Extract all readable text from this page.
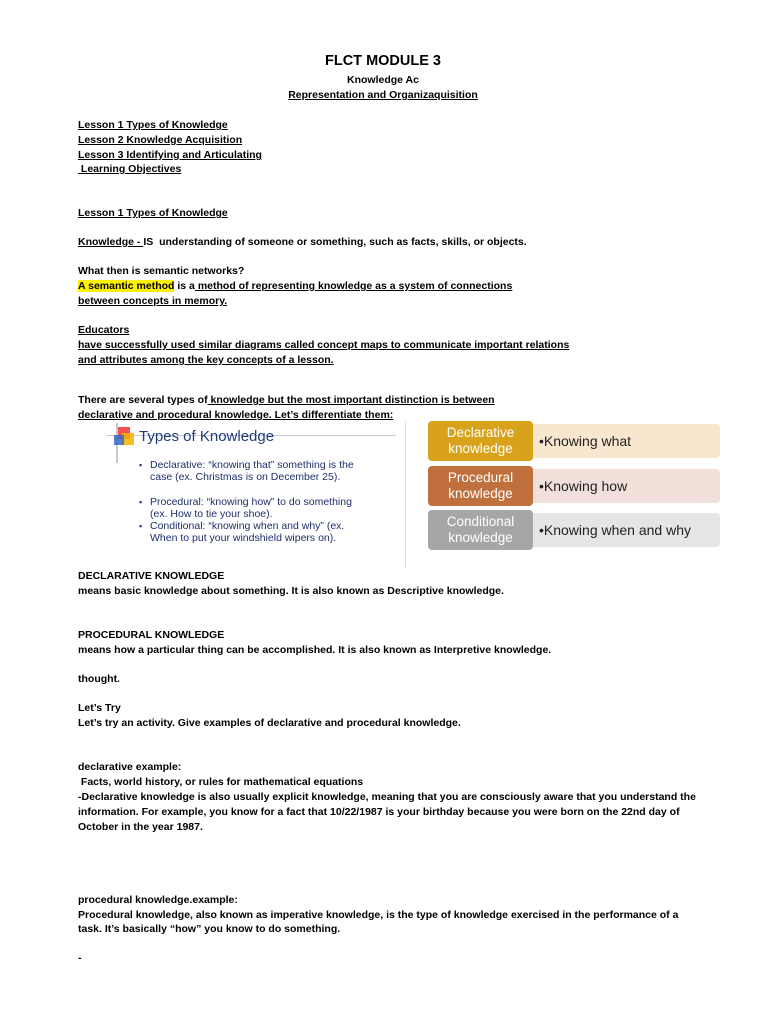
FLCT MODULE 3
Knowledge Ac
Representation and Organizaquisition
Lesson 1 Types of Knowledge
Lesson 2 Knowledge Acquisition
Lesson 3 Identifying and Articulating
Learning Objectives
Lesson 1 Types of Knowledge
Knowledge - IS  understanding of someone or something, such as facts, skills, or objects.
What then is semantic networks?
A semantic method is a method of representing knowledge as a system of connections
between concepts in memory.
Educators
have successfully used similar diagrams called concept maps to communicate important relations
and attributes among the key concepts of a lesson.
There are several types of knowledge but the most important distinction is between
declarative and procedural knowledge. Let’s differentiate them:
DECLARATIVE KNOWLEDGE
means basic knowledge about something. It is also known as Descriptive knowledge.
PROCEDURAL KNOWLEDGE
means how a particular thing can be accomplished. It is also known as Interpretive knowledge.
thought.
Let’s Try
Let’s try an activity. Give examples of declarative and procedural knowledge.
declarative example:
Facts, world history, or rules for mathematical equations
-Declarative knowledge is also usually explicit knowledge, meaning that you are consciously aware that you understand the
information. For example, you know for a fact that 10/22/1987 is your birthday because you were born on the 22nd day of
October in the year 1987.
procedural knowledge.example:
Procedural knowledge, also known as imperative knowledge, is the type of knowledge exercised in the performance of a
task. It’s basically “how” you know to do something.
-
Types of Knowledge
▪ Declarative: “knowing that” something is the case (ex. Christmas is on December 25).
▪ Procedural: “knowing how” to do something (ex. How to tie your shoe).
▪ Conditional: “knowing when and why” (ex. When to put your windshield wipers on).
•Knowing what
Declarative knowledge
•Knowing how
Procedural knowledge
•Knowing when and why
Conditional knowledge
